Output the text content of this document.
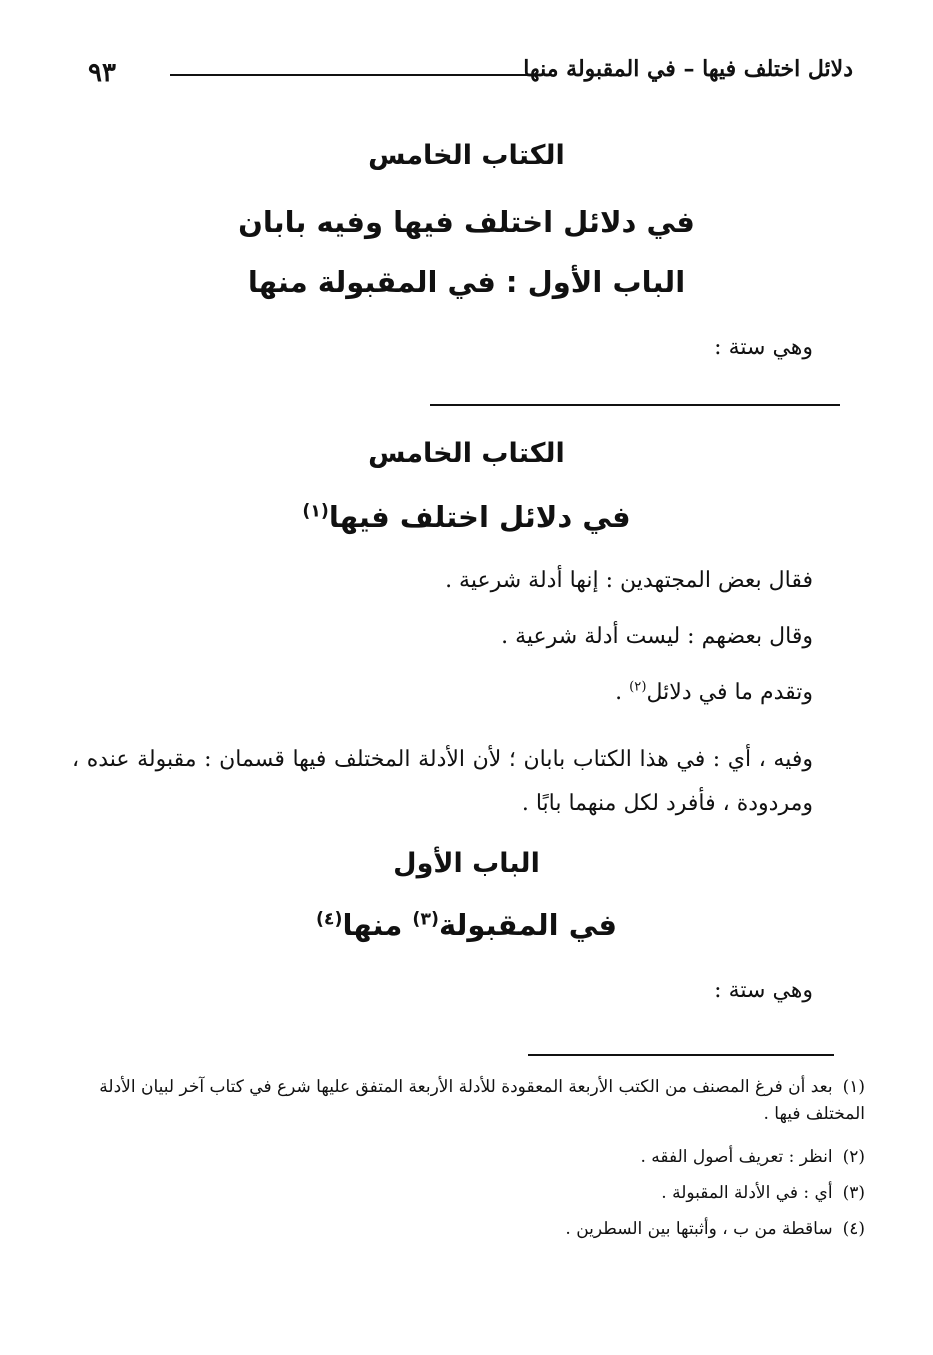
دلائل اختلف فيها – في المقبولة منها
٩٣
الكتاب الخامس
في دلائل اختلف فيها وفيه بابان
الباب الأول : في المقبولة منها
وهي ستة :
الكتاب الخامس
في دلائل اختلف فيها$^{(١)}$
فقال بعض المجتهدين : إنها أدلة شرعية .
وقال بعضهم : ليست أدلة شرعية .
وتقدم ما في دلائل$^{(٢)}$ .
وفيه ، أي : في هذا الكتاب بابان ؛ لأن الأدلة المختلف فيها قسمان : مقبولة عنده ، ومردودة ، فأفرد لكل منهما بابًا .
الباب الأول
في المقبولة$^{(٣)}$ منها$^{(٤)}$
وهي ستة :
(١)بعد أن فرغ المصنف من الكتب الأربعة المعقودة للأدلة الأربعة المتفق عليها شرع في كتاب آخر لبيان الأدلة المختلف فيها .
(٢)انظر : تعريف أصول الفقه .
(٣)أي : في الأدلة المقبولة .
(٤)ساقطة من ب ، وأثبتها بين السطرين .
